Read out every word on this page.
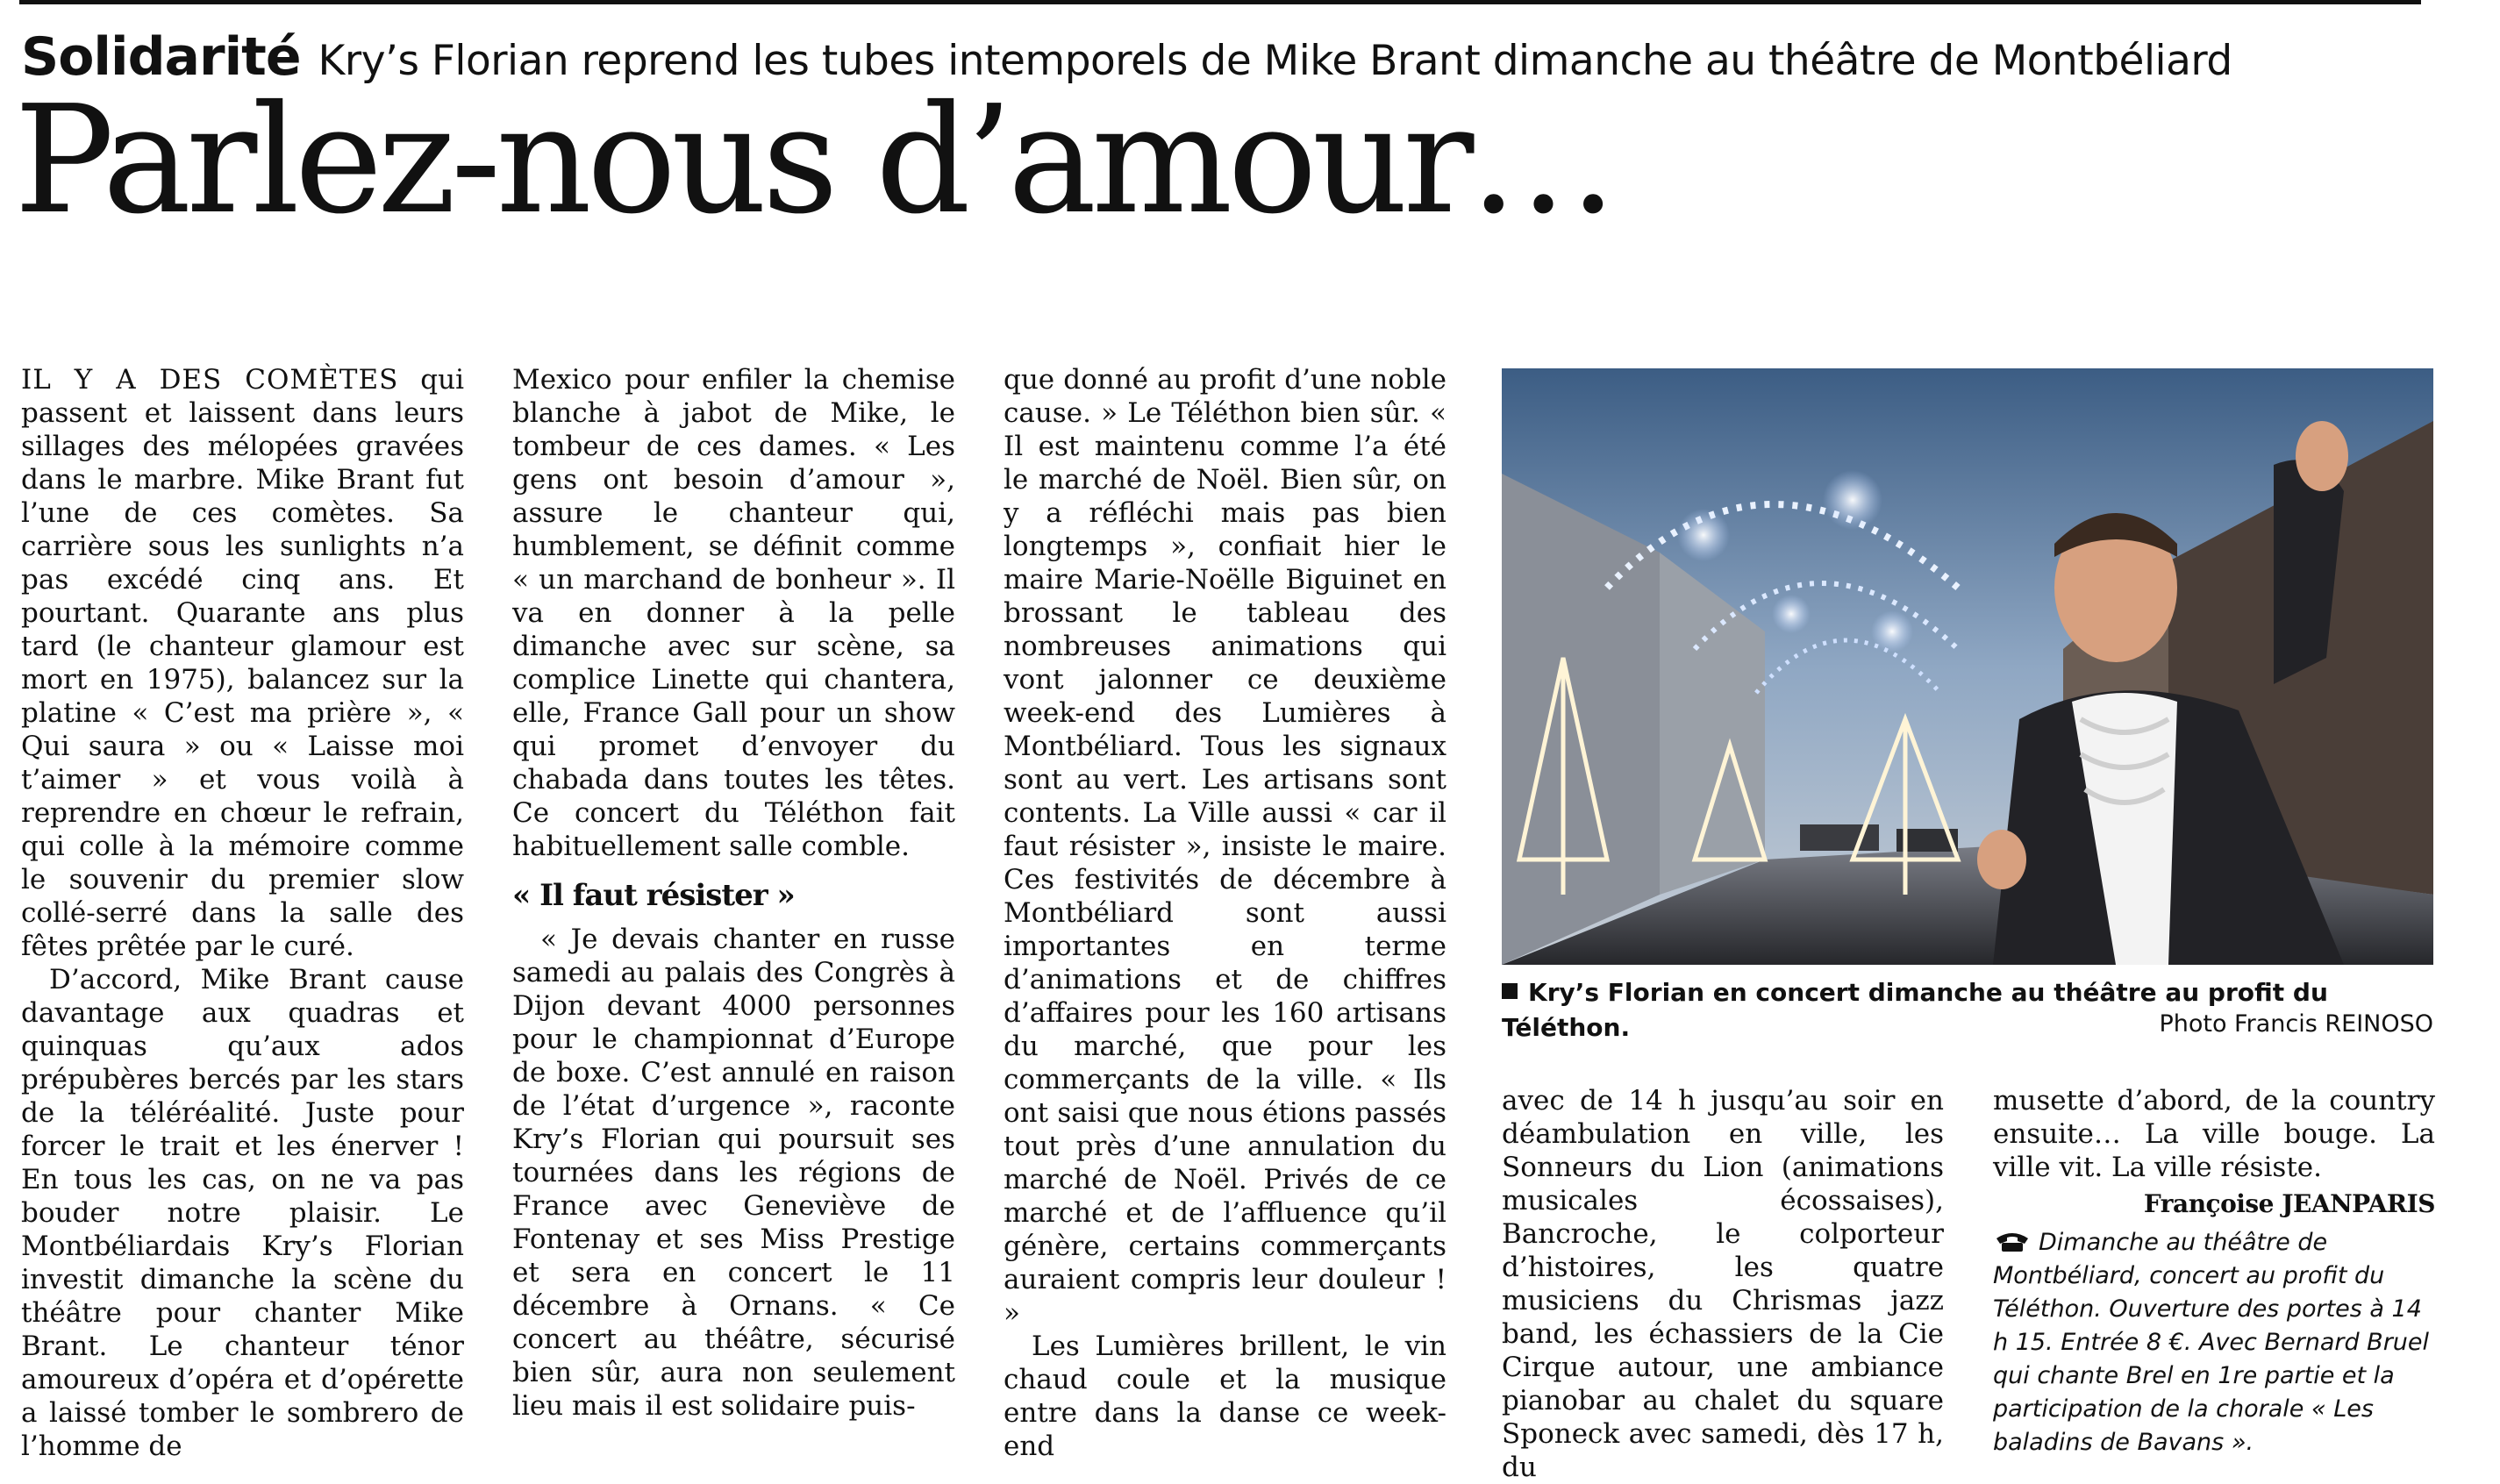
Solidarité Kry’s Florian reprend les tubes intemporels de Mike Brant dimanche au théâtre de Montbéliard
Parlez-nous d’amour…

IL Y A DES COMÈTES qui passent et laissent dans leurs sillages des mélopées gravées dans le marbre. Mike Brant fut l’une de ces comètes. Sa carrière sous les sunlights n’a pas excédé cinq ans. Et pourtant. Quarante ans plus tard (le chanteur glamour est mort en 1975), balancez sur la platine « C’est ma prière », « Qui saura » ou « Laisse moi t’aimer » et vous voilà à reprendre en chœur le refrain, qui colle à la mémoire comme le souvenir du premier slow collé-serré dans la salle des fêtes prêtée par le curé.

D’accord, Mike Brant cause davantage aux quadras et quinquas qu’aux ados prépubères bercés par les stars de la téléréalité. Juste pour forcer le trait et les énerver ! En tous les cas, on ne va pas bouder notre plaisir. Le Montbéliardais Kry’s Florian investit dimanche la scène du théâtre pour chanter Mike Brant. Le chanteur ténor amoureux d’opéra et d’opérette a laissé tomber le sombrero de l’homme de

Mexico pour enfiler la chemise blanche à jabot de Mike, le tombeur de ces dames. « Les gens ont besoin d’amour », assure le chanteur qui, humblement, se définit comme « un marchand de bonheur ». Il va en donner à la pelle dimanche avec sur scène, sa complice Linette qui chantera, elle, France Gall pour un show qui promet d’envoyer du chabada dans toutes les têtes. Ce concert du Téléthon fait habituellement salle comble.

« Il faut résister »

« Je devais chanter en russe samedi au palais des Congrès à Dijon devant 4000 personnes pour le championnat d’Europe de boxe. C’est annulé en raison de l’état d’urgence », raconte Kry’s Florian qui poursuit ses tournées dans les régions de France avec Geneviève de Fontenay et ses Miss Prestige et sera en concert le 11 décembre à Ornans. « Ce concert au théâtre, sécurisé bien sûr, aura non seulement lieu mais il est solidaire puis-

que donné au profit d’une noble cause. » Le Téléthon bien sûr. « Il est maintenu comme l’a été le marché de Noël. Bien sûr, on y a réfléchi mais pas bien longtemps », confiait hier le maire Marie-Noëlle Biguinet en brossant le tableau des nombreuses animations qui vont jalonner ce deuxième week-end des Lumières à Montbéliard. Tous les signaux sont au vert. Les artisans sont contents. La Ville aussi « car il faut résister », insiste le maire. Ces festivités de décembre à Montbéliard sont aussi importantes en terme d’animations et de chiffres d’affaires pour les 160 artisans du marché, que pour les commerçants de la ville. « Ils ont saisi que nous étions passés tout près d’une annulation du marché de Noël. Privés de ce marché et de l’affluence qu’il génère, certains commerçants auraient compris leur douleur ! »

Les Lumières brillent, le vin chaud coule et la musique entre dans la danse ce week-end

Kry’s Florian en concert dimanche au théâtre au profit du Téléthon.	Photo Francis REINOSO

avec de 14 h jusqu’au soir en déambulation en ville, les Sonneurs du Lion (animations musicales écossaises), Bancroche, le colporteur d’histoires, les quatre musiciens du Chrismas jazz band, les échassiers de la Cie Cirque autour, une ambiance pianobar au chalet du square Sponeck avec samedi, dès 17 h, du

musette d’abord, de la country ensuite… La ville bouge. La ville vit. La ville résiste.

Françoise JEANPARIS
Dimanche au théâtre de Montbéliard, concert au profit du Téléthon. Ouverture des portes à 14 h 15. Entrée 8 €. Avec Bernard Bruel qui chante Brel en 1re partie et la participation de la chorale « Les baladins de Bavans ».
